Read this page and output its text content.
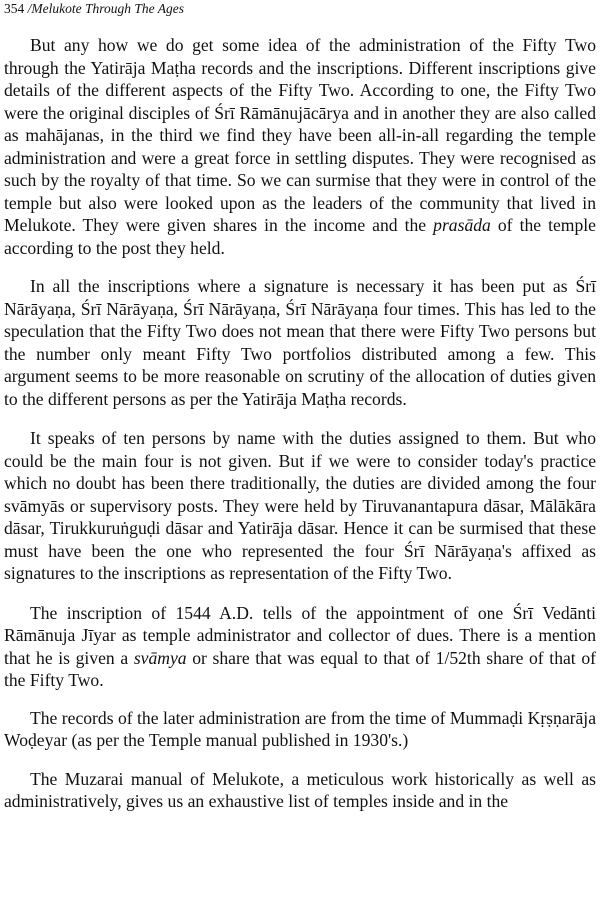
354 /Melukote Through The Ages

But any how we do get some idea of the administration of the Fifty Two through the Yatirāja Maṭha records and the inscriptions. Different inscriptions give details of the different aspects of the Fifty Two. According to one, the Fifty Two were the original disciples of Śrī Rāmānujācārya and in another they are also called as mahājanas, in the third we find they have been all-in-all regarding the temple administration and were a great force in settling disputes. They were recognised as such by the royalty of that time. So we can surmise that they were in control of the temple but also were looked upon as the leaders of the community that lived in Melukote. They were given shares in the income and the prasāda of the temple according to the post they held.

In all the inscriptions where a signature is necessary it has been put as Śrī Nārāyaṇa, Śrī Nārāyaṇa, Śrī Nārāyaṇa, Śrī Nārāyaṇa four times. This has led to the speculation that the Fifty Two does not mean that there were Fifty Two persons but the number only meant Fifty Two portfolios distributed among a few. This argument seems to be more reasonable on scrutiny of the allocation of duties given to the different persons as per the Yatirāja Maṭha records.

It speaks of ten persons by name with the duties assigned to them. But who could be the main four is not given. But if we were to consider today's practice which no doubt has been there traditionally, the duties are divided among the four svāmyās or supervisory posts. They were held by Tiruvanantapura dāsar, Mālākāra dāsar, Tirukkuruṅguḍi dāsar and Yatirāja dāsar. Hence it can be surmised that these must have been the one who represented the four Śrī Nārāyaṇa's affixed as signatures to the inscriptions as representation of the Fifty Two.

The inscription of 1544 A.D. tells of the appointment of one Śrī Vedānti Rāmānuja Jīyar as temple administrator and collector of dues. There is a mention that he is given a svāmya or share that was equal to that of 1/52th share of that of the Fifty Two.

The records of the later administration are from the time of Mummaḍi Kṛṣṇarāja Woḍeyar (as per the Temple manual published in 1930's.)

The Muzarai manual of Melukote, a meticulous work historically as well as administratively, gives us an exhaustive list of temples inside and in the
